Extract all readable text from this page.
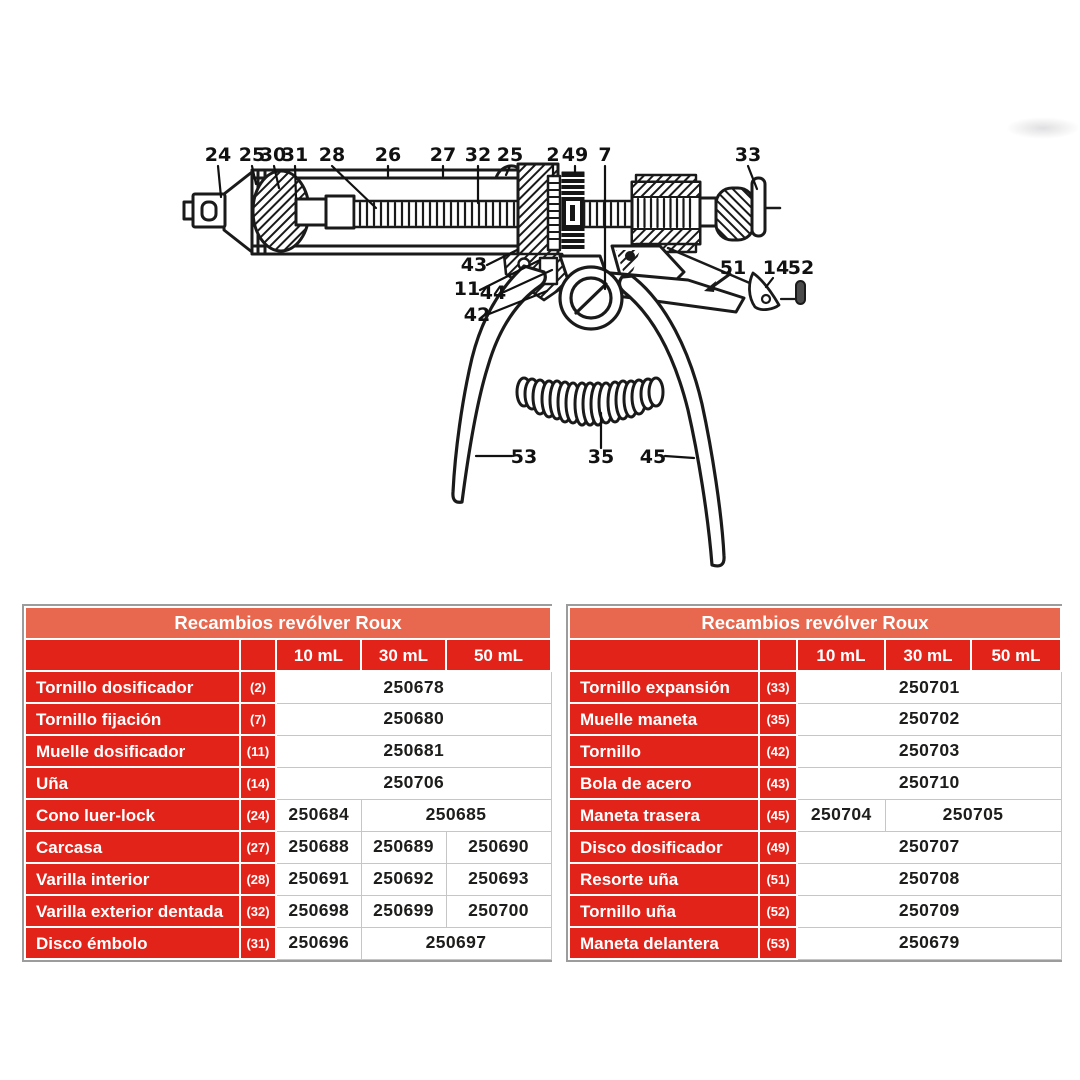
24 25
30
31 28 26 27 32 25 2 49 7	33
43
11 44
42
51 14
52
53	35 45
Recambios revólver Roux				
		10 mL	30 mL	50 mL
Tornillo dosificador	(2)	250678		
Tornillo fijación	(7)	250680		
Muelle dosificador	(11)	250681		
Uña	(14)	250706		
Cono luer-lock	(24)	250684	250685	
Carcasa	(27)	250688	250689	250690
Varilla interior	(28)	250691	250692	250693
Varilla exterior dentada	(32)	250698	250699	250700
Disco émbolo	(31)	250696	250697	
Recambios revólver Roux				
		10 mL	30 mL	50 mL
Tornillo expansión	(33)	250701		
Muelle maneta	(35)	250702		
Tornillo	(42)	250703		
Bola de acero	(43)	250710		
Maneta trasera	(45)	250704	250705	
Disco dosificador	(49)	250707		
Resorte uña	(51)	250708		
Tornillo uña	(52)	250709		
Maneta delantera	(53)	250679		
